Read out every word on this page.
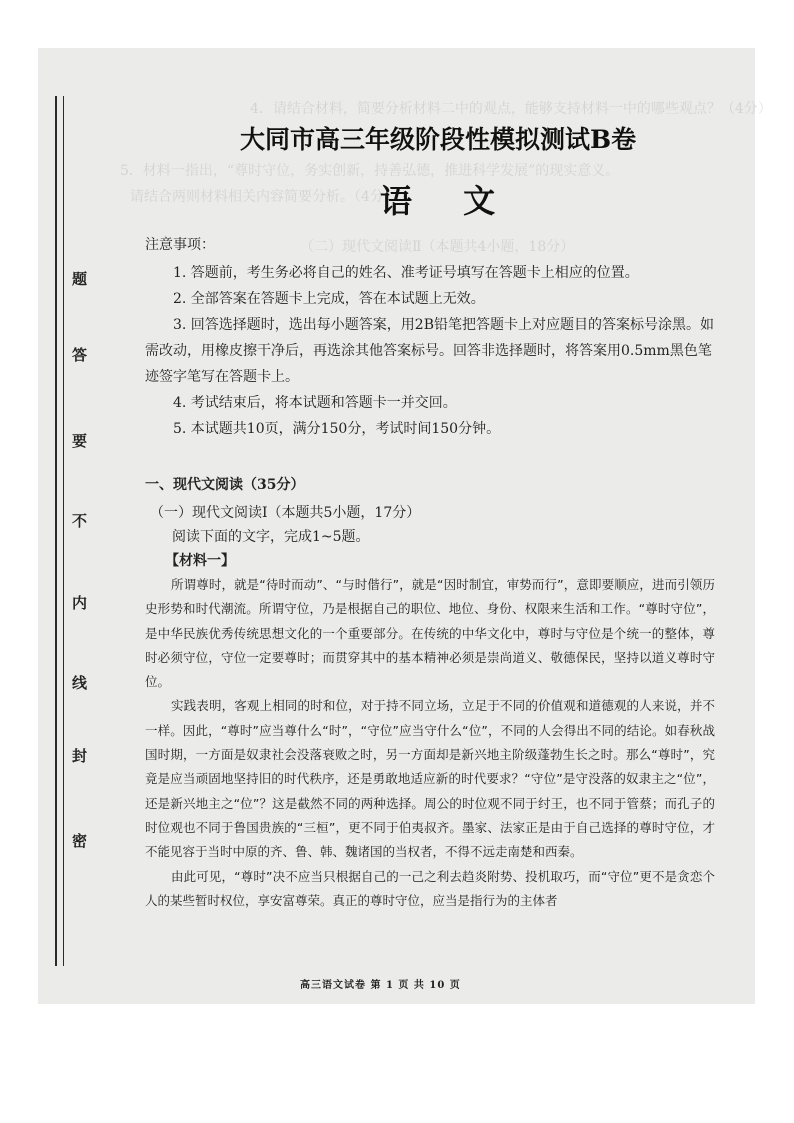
4．请结合材料，简要分析材料二中的观点，能够支持材料一中的哪些观点？（4分）
5．材料一指出，“尊时守位，务实创新，持善弘德，推进科学发展”的现实意义。
请结合两则材料相关内容简要分析。（4分）
（二）现代文阅读Ⅱ（本题共4小题，18分）
题
答
要
不
内
线
封
密
大同市高三年级阶段性模拟测试B卷
语 文
注意事项：

1. 答题前，考生务必将自己的姓名、准考证号填写在答题卡上相应的位置。

2. 全部答案在答题卡上完成，答在本试题上无效。

3. 回答选择题时，选出每小题答案，用2B铅笔把答题卡上对应题目的答案标号涂黑。如需改动，用橡皮擦干净后，再选涂其他答案标号。回答非选择题时，将答案用0.5mm黑色笔迹签字笔写在答题卡上。

4. 考试结束后，将本试题和答题卡一并交回。

5. 本试题共10页，满分150分，考试时间150分钟。

一、现代文阅读（35分）
（一）现代文阅读Ⅰ（本题共5小题，17分）
阅读下面的文字，完成1~5题。
【材料一】

所谓尊时，就是“待时而动”、“与时偕行”，就是“因时制宜，审势而行”，意即要顺应，进而引领历史形势和时代潮流。所谓守位，乃是根据自己的职位、地位、身份、权限来生活和工作。“尊时守位”，是中华民族优秀传统思想文化的一个重要部分。在传统的中华文化中，尊时与守位是个统一的整体，尊时必须守位，守位一定要尊时；而贯穿其中的基本精神必须是崇尚道义、敬德保民，坚持以道义尊时守位。

实践表明，客观上相同的时和位，对于持不同立场，立足于不同的价值观和道德观的人来说，并不一样。因此，“尊时”应当尊什么“时”，“守位”应当守什么“位”，不同的人会得出不同的结论。如春秋战国时期，一方面是奴隶社会没落衰败之时，另一方面却是新兴地主阶级蓬勃生长之时。那么“尊时”，究竟是应当顽固地坚持旧的时代秩序，还是勇敢地适应新的时代要求？“守位”是守没落的奴隶主之“位”，还是新兴地主之“位”？这是截然不同的两种选择。周公的时位观不同于纣王，也不同于管蔡；而孔子的时位观也不同于鲁国贵族的“三桓”，更不同于伯夷叔齐。墨家、法家正是由于自己选择的尊时守位，才不能见容于当时中原的齐、鲁、韩、魏诸国的当权者，不得不远走南楚和西秦。

由此可见，“尊时”决不应当只根据自己的一己之利去趋炎附势、投机取巧，而“守位”更不是贪恋个人的某些暂时权位，享安富尊荣。真正的尊时守位，应当是指行为的主体者

高三语文试卷 第 1 页 共 10 页
